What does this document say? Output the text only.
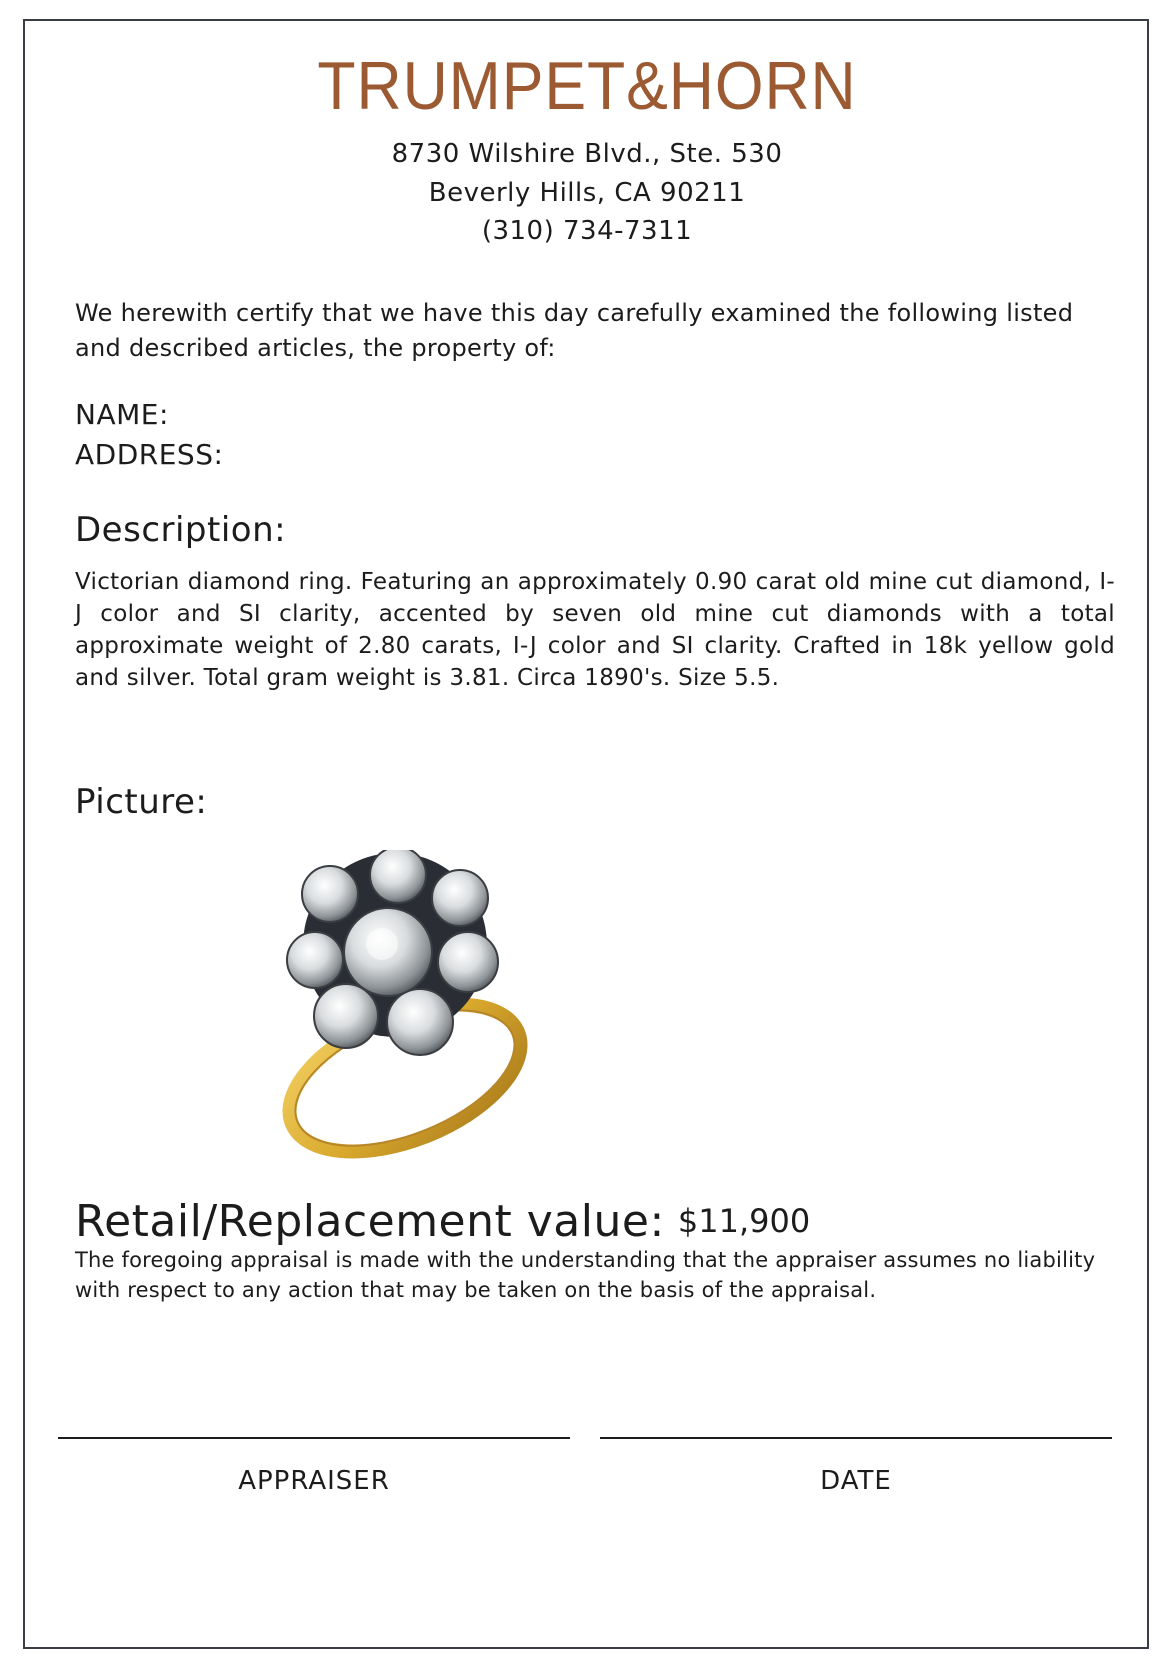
TRUMPET&HORN
8730 Wilshire Blvd., Ste. 530
Beverly Hills, CA 90211
(310) 734-7311
We herewith certify that we have this day carefully examined the following listed and described articles, the property of:
NAME:
ADDRESS:
Description:
Victorian diamond ring. Featuring an approximately 0.90 carat old mine cut diamond, I-J color and SI clarity, accented by seven old mine cut diamonds with a total approximate weight of 2.80 carats, I-J color and SI clarity. Crafted in 18k yellow gold and silver. Total gram weight is 3.81. Circa 1890's. Size 5.5.
Picture:
Retail/Replacement value: $11,900
The foregoing appraisal is made with the understanding that the appraiser assumes no liability with respect to any action that may be taken on the basis of the appraisal.
APPRAISER	DATE
